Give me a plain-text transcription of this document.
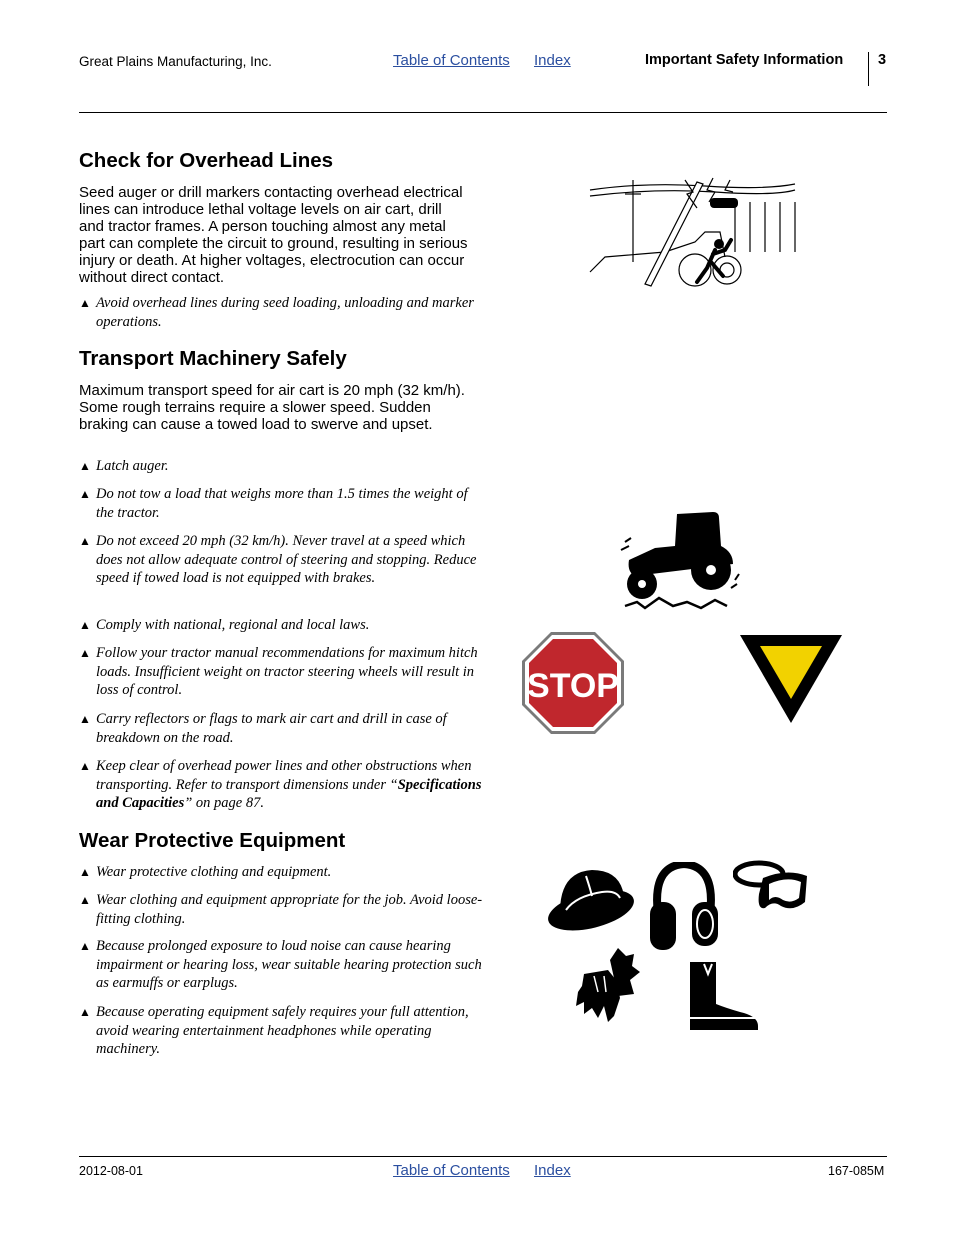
Great Plains Manufacturing, Inc.	Table of Contents Index	Important Safety Information 3
Check for Overhead Lines

Seed auger or drill markers contacting overhead electrical lines can introduce lethal voltage levels on air cart, drill and tractor frames. A person touching almost any metal part can complete the circuit to ground, resulting in serious injury or death. At higher voltages, electrocution can occur without direct contact.

▲ Avoid overhead lines during seed loading, unloading and marker operations.
Transport Machinery Safely

Maximum transport speed for air cart is 20 mph (32 km/h). Some rough terrains require a slower speed. Sudden braking can cause a towed load to swerve and upset.

▲ Latch auger.
▲ Do not tow a load that weighs more than 1.5 times the weight of the tractor.
▲ Do not exceed 20 mph (32 km/h). Never travel at a speed which does not allow adequate control of steering and stopping. Reduce speed if towed load is not equipped with brakes.
▲ Comply with national, regional and local laws.
▲ Follow your tractor manual recommendations for maximum hitch loads. Insufficient weight on tractor steering wheels will result in loss of control.
▲ Carry reflectors or flags to mark air cart and drill in case of breakdown on the road.
▲ Keep clear of overhead power lines and other obstructions when transporting. Refer to transport dimensions under “Specifications and Capacities” on page 87.
Wear Protective Equipment
▲ Wear protective clothing and equipment.
▲ Wear clothing and equipment appropriate for the job. Avoid loose-fitting clothing.
▲ Because prolonged exposure to loud noise can cause hearing impairment or hearing loss, wear suitable hearing protection such as earmuffs or earplugs.
▲ Because operating equipment safely requires your full attention, avoid wearing entertainment headphones while operating machinery.
STOP
2012-08-01	Table of Contents Index	167-085M
